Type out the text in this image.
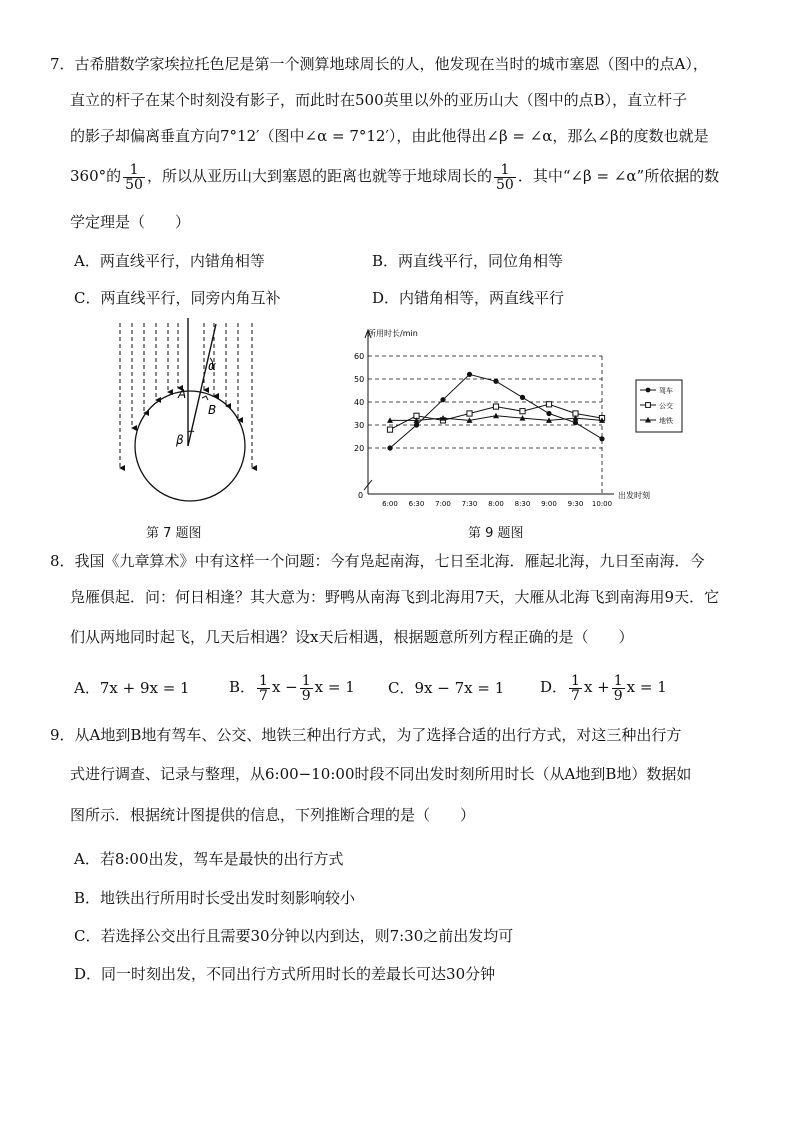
7．古希腊数学家埃拉托色尼是第一个测算地球周长的人，他发现在当时的城市塞恩（图中的点A），
直立的杆子在某个时刻没有影子，而此时在500英里以外的亚历山大（图中的点B），直立杆子
的影子却偏离垂直方向7°12′（图中∠α = 7°12′），由此他得出∠β = ∠α，那么∠β的度数也就是
360°的 $\frac{1}{50}$ ，所以从亚历山大到塞恩的距离也就等于地球周长的 $\frac{1}{50}$ ．其中“∠β = ∠α”所依据的数
学定理是（　　）
A．两直线平行，内错角相等	B．两直线平行，同位角相等
C．两直线平行，同旁内角互补	D．内错角相等，两直线平行
A
B
α
β
第 7 题图
所用时长/min
出发时刻
0
20
30
40
50
60
6:00 6:30 7:00 7:30 8:00 8:30 9:00 9:30 10:00
驾车
公交
地铁
第 9 题图
8．我国《九章算术》中有这样一个问题：今有凫起南海，七日至北海．雁起北海，九日至南海．今
凫雁俱起．问：何日相逢？其大意为：野鸭从南海飞到北海用7天，大雁从北海飞到南海用9天．它
们从两地同时起飞，几天后相遇？设x天后相遇，根据题意所列方程正确的是（　　）
A．7x + 9x = 1	B． $\frac{1}{7}$ $x - \frac{1}{9}$ x = 1 C．9x − 7x = 1 D． $\frac{1}{7}$ $x + \frac{1}{9}$ x = 1
9．从A地到B地有驾车、公交、地铁三种出行方式，为了选择合适的出行方式，对这三种出行方
式进行调查、记录与整理，从6:00−10:00时段不同出发时刻所用时长（从A地到B地）数据如
图所示．根据统计图提供的信息，下列推断合理的是（　　）
A．若8:00出发，驾车是最快的出行方式
B．地铁出行所用时长受出发时刻影响较小
C．若选择公交出行且需要30分钟以内到达，则7:30之前出发均可
D．同一时刻出发，不同出行方式所用时长的差最长可达30分钟
